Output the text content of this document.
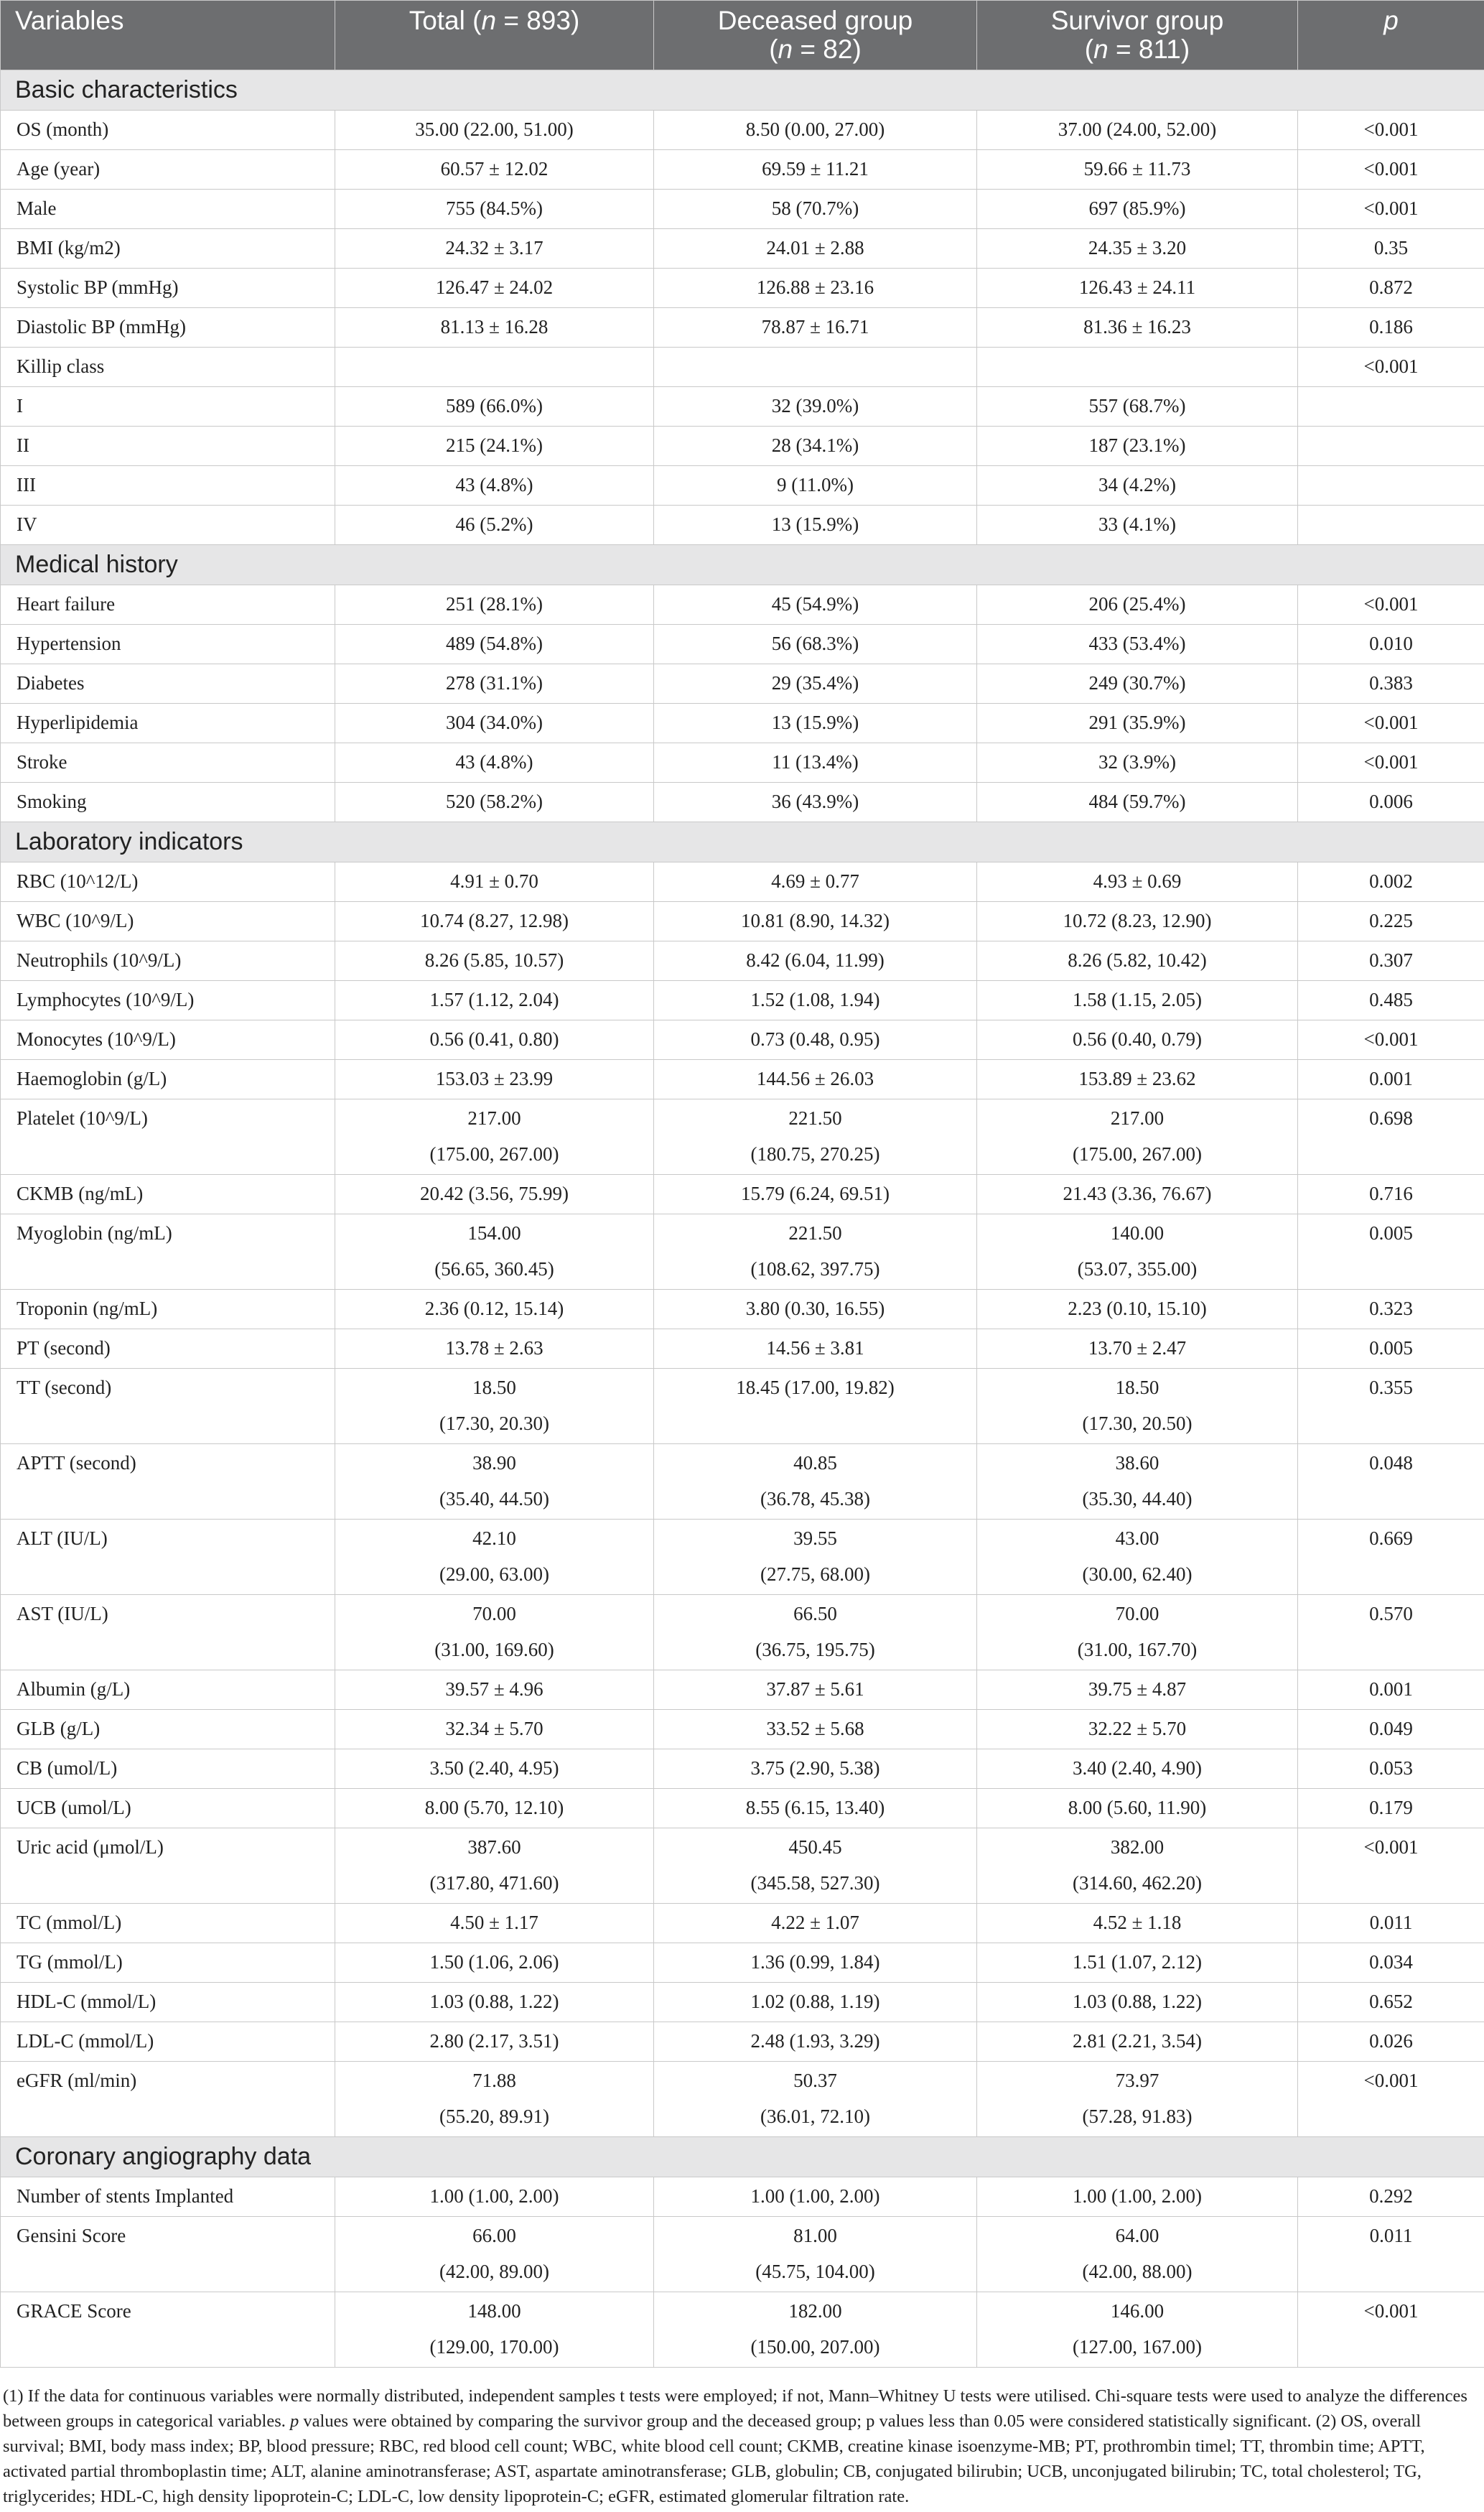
Variables	Total (n = 893)	Deceased group
(n = 82)	Survivor group
(n = 811)	p
Basic characteristics				
OS (month)	35.00 (22.00, 51.00)	8.50 (0.00, 27.00)	37.00 (24.00, 52.00)	<0.001

Age (year)	60.57 ± 12.02	69.59 ± 11.21	59.66 ± 11.73	<0.001

Male	755 (84.5%)	58 (70.7%)	697 (85.9%)	<0.001

BMI (kg/m2)	24.32 ± 3.17	24.01 ± 2.88	24.35 ± 3.20	0.35

Systolic BP (mmHg)	126.47 ± 24.02	126.88 ± 23.16	126.43 ± 24.11	0.872

Diastolic BP (mmHg)	81.13 ± 16.28	78.87 ± 16.71	81.36 ± 16.23	0.186

Killip class				<0.001

I	589 (66.0%)	32 (39.0%)	557 (68.7%)	

II	215 (24.1%)	28 (34.1%)	187 (23.1%)	

III	43 (4.8%)	9 (11.0%)	34 (4.2%)	

IV	46 (5.2%)	13 (15.9%)	33 (4.1%)	

Medical history				
Heart failure	251 (28.1%)	45 (54.9%)	206 (25.4%)	<0.001

Hypertension	489 (54.8%)	56 (68.3%)	433 (53.4%)	0.010

Diabetes	278 (31.1%)	29 (35.4%)	249 (30.7%)	0.383

Hyperlipidemia	304 (34.0%)	13 (15.9%)	291 (35.9%)	<0.001

Stroke	43 (4.8%)	11 (13.4%)	32 (3.9%)	<0.001

Smoking	520 (58.2%)	36 (43.9%)	484 (59.7%)	0.006

Laboratory indicators				
RBC (10^12/L)	4.91 ± 0.70	4.69 ± 0.77	4.93 ± 0.69	0.002

WBC (10^9/L)	10.74 (8.27, 12.98)	10.81 (8.90, 14.32)	10.72 (8.23, 12.90)	0.225

Neutrophils (10^9/L)	8.26 (5.85, 10.57)	8.42 (6.04, 11.99)	8.26 (5.82, 10.42)	0.307

Lymphocytes (10^9/L)	1.57 (1.12, 2.04)	1.52 (1.08, 1.94)	1.58 (1.15, 2.05)	0.485

Monocytes (10^9/L)	0.56 (0.41, 0.80)	0.73 (0.48, 0.95)	0.56 (0.40, 0.79)	<0.001

Haemoglobin (g/L)	153.03 ± 23.99	144.56 ± 26.03	153.89 ± 23.62	0.001

Platelet (10^9/L)	217.00
(175.00, 267.00)	221.50
(180.75, 270.25)	217.00
(175.00, 267.00)	0.698

CKMB (ng/mL)	20.42 (3.56, 75.99)	15.79 (6.24, 69.51)	21.43 (3.36, 76.67)	0.716

Myoglobin (ng/mL)	154.00
(56.65, 360.45)	221.50
(108.62, 397.75)	140.00
(53.07, 355.00)	0.005

Troponin (ng/mL)	2.36 (0.12, 15.14)	3.80 (0.30, 16.55)	2.23 (0.10, 15.10)	0.323

PT (second)	13.78 ± 2.63	14.56 ± 3.81	13.70 ± 2.47	0.005

TT (second)	18.50
(17.30, 20.30)	18.45 (17.00, 19.82)	18.50
(17.30, 20.50)	0.355

APTT (second)	38.90
(35.40, 44.50)	40.85
(36.78, 45.38)	38.60
(35.30, 44.40)	0.048

ALT (IU/L)	42.10
(29.00, 63.00)	39.55
(27.75, 68.00)	43.00
(30.00, 62.40)	0.669

AST (IU/L)	70.00
(31.00, 169.60)	66.50
(36.75, 195.75)	70.00
(31.00, 167.70)	0.570

Albumin (g/L)	39.57 ± 4.96	37.87 ± 5.61	39.75 ± 4.87	0.001

GLB (g/L)	32.34 ± 5.70	33.52 ± 5.68	32.22 ± 5.70	0.049

CB (umol/L)	3.50 (2.40, 4.95)	3.75 (2.90, 5.38)	3.40 (2.40, 4.90)	0.053

UCB (umol/L)	8.00 (5.70, 12.10)	8.55 (6.15, 13.40)	8.00 (5.60, 11.90)	0.179

Uric acid (μmol/L)	387.60
(317.80, 471.60)	450.45
(345.58, 527.30)	382.00
(314.60, 462.20)	<0.001

TC (mmol/L)	4.50 ± 1.17	4.22 ± 1.07	4.52 ± 1.18	0.011

TG (mmol/L)	1.50 (1.06, 2.06)	1.36 (0.99, 1.84)	1.51 (1.07, 2.12)	0.034

HDL-C (mmol/L)	1.03 (0.88, 1.22)	1.02 (0.88, 1.19)	1.03 (0.88, 1.22)	0.652

LDL-C (mmol/L)	2.80 (2.17, 3.51)	2.48 (1.93, 3.29)	2.81 (2.21, 3.54)	0.026

eGFR (ml/min)	71.88
(55.20, 89.91)	50.37
(36.01, 72.10)	73.97
(57.28, 91.83)	<0.001

Coronary angiography data				
Number of stents Implanted	1.00 (1.00, 2.00)	1.00 (1.00, 2.00)	1.00 (1.00, 2.00)	0.292

Gensini Score	66.00
(42.00, 89.00)	81.00
(45.75, 104.00)	64.00
(42.00, 88.00)	0.011

GRACE Score	148.00
(129.00, 170.00)	182.00
(150.00, 207.00)	146.00
(127.00, 167.00)	<0.001
(1) If the data for continuous variables were normally distributed, independent samples t tests were employed; if not, Mann–Whitney U tests were utilised. Chi-square tests were used to analyze the differences between groups in categorical variables. p values were obtained by comparing the survivor group and the deceased group; p values less than 0.05 were considered statistically significant. (2) OS, overall survival; BMI, body mass index; BP, blood pressure; RBC, red blood cell count; WBC, white blood cell count; CKMB, creatine kinase isoenzyme-MB; PT, prothrombin timel; TT, thrombin time; APTT, activated partial thromboplastin time; ALT, alanine aminotransferase; AST, aspartate aminotransferase; GLB, globulin; CB, conjugated bilirubin; UCB, unconjugated bilirubin; TC, total cholesterol; TG, triglycerides; HDL-C, high density lipoprotein-C; LDL-C, low density lipoprotein-C; eGFR, estimated glomerular filtration rate.
